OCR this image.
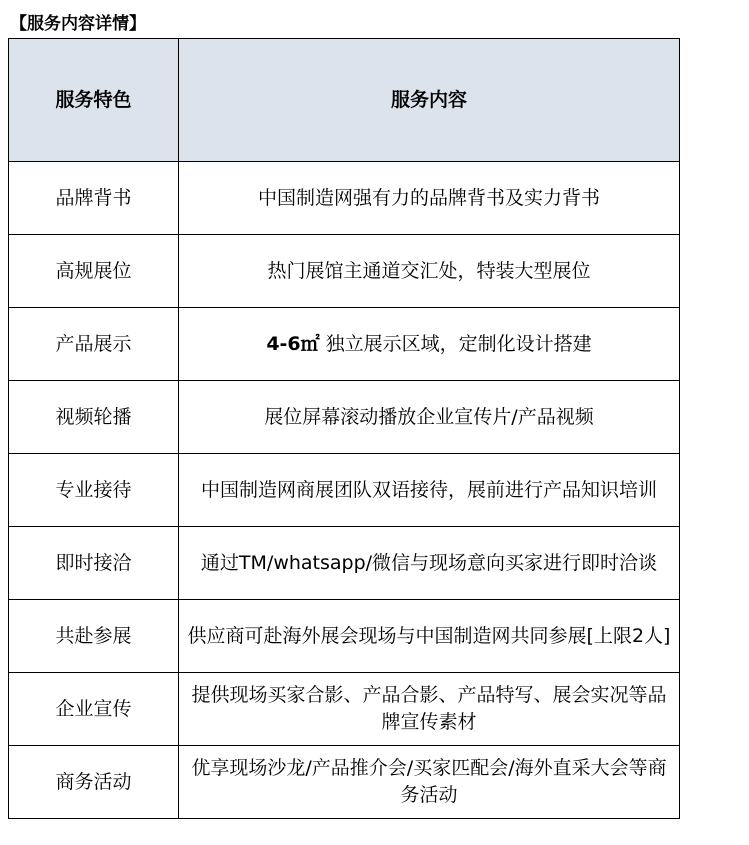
【服务内容详情】
服务特色	服务内容
品牌背书	中国制造网强有力的品牌背书及实力背书
高规展位	热门展馆主通道交汇处，特装大型展位
产品展示	4-6㎡ 独立展示区域，定制化设计搭建
视频轮播	展位屏幕滚动播放企业宣传片/产品视频
专业接待	中国制造网商展团队双语接待，展前进行产品知识培训
即时接洽	通过TM/whatsapp/微信与现场意向买家进行即时洽谈
共赴参展	供应商可赴海外展会现场与中国制造网共同参展[上限2人]
企业宣传	提供现场买家合影、产品合影、产品特写、展会实况等品牌宣传素材
商务活动	优享现场沙龙/产品推介会/买家匹配会/海外直采大会等商务活动
